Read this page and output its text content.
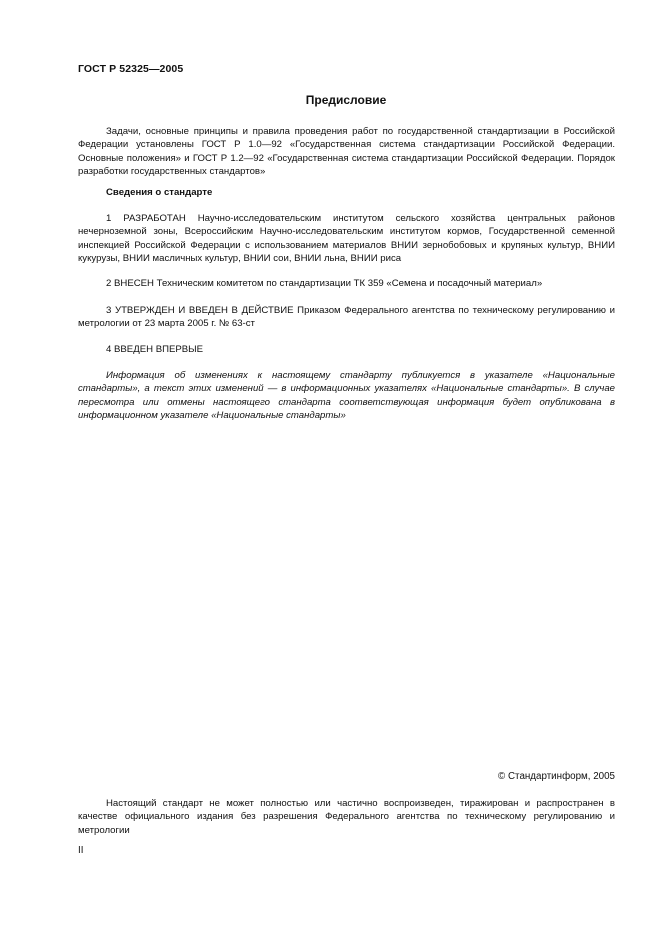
ГОСТ Р 52325—2005
Предисловие

Задачи, основные принципы и правила проведения работ по государственной стандартизации в Российской Федерации установлены ГОСТ Р 1.0—92 «Государственная система стандартизации Российской Федерации. Основные положения» и ГОСТ Р 1.2—92 «Государственная система стандартизации Российской Федерации. Порядок разработки государственных стандартов»

Сведения о стандарте

1 РАЗРАБОТАН Научно-исследовательским институтом сельского хозяйства центральных районов нечерноземной зоны, Всероссийским Научно-исследовательским институтом кормов, Государственной семенной инспекцией Российской Федерации с использованием материалов ВНИИ зернобобовых и крупяных культур, ВНИИ кукурузы, ВНИИ масличных культур, ВНИИ сои, ВНИИ льна, ВНИИ риса

2 ВНЕСЕН Техническим комитетом по стандартизации ТК 359 «Семена и посадочный материал»

3 УТВЕРЖДЕН И ВВЕДЕН В ДЕЙСТВИЕ Приказом Федерального агентства по техническому регулированию и метрологии от 23 марта 2005 г. № 63-ст

4 ВВЕДЕН ВПЕРВЫЕ

Информация об изменениях к настоящему стандарту публикуется в указателе «Национальные стандарты», а текст этих изменений — в информационных указателях «Национальные стандарты». В случае пересмотра или отмены настоящего стандарта соответствующая информация будет опубликована в информационном указателе «Национальные стандарты»

© Стандартинформ, 2005

Настоящий стандарт не может полностью или частично воспроизведен, тиражирован и распространен в качестве официального издания без разрешения Федерального агентства по техническому регулированию и метрологии

II
